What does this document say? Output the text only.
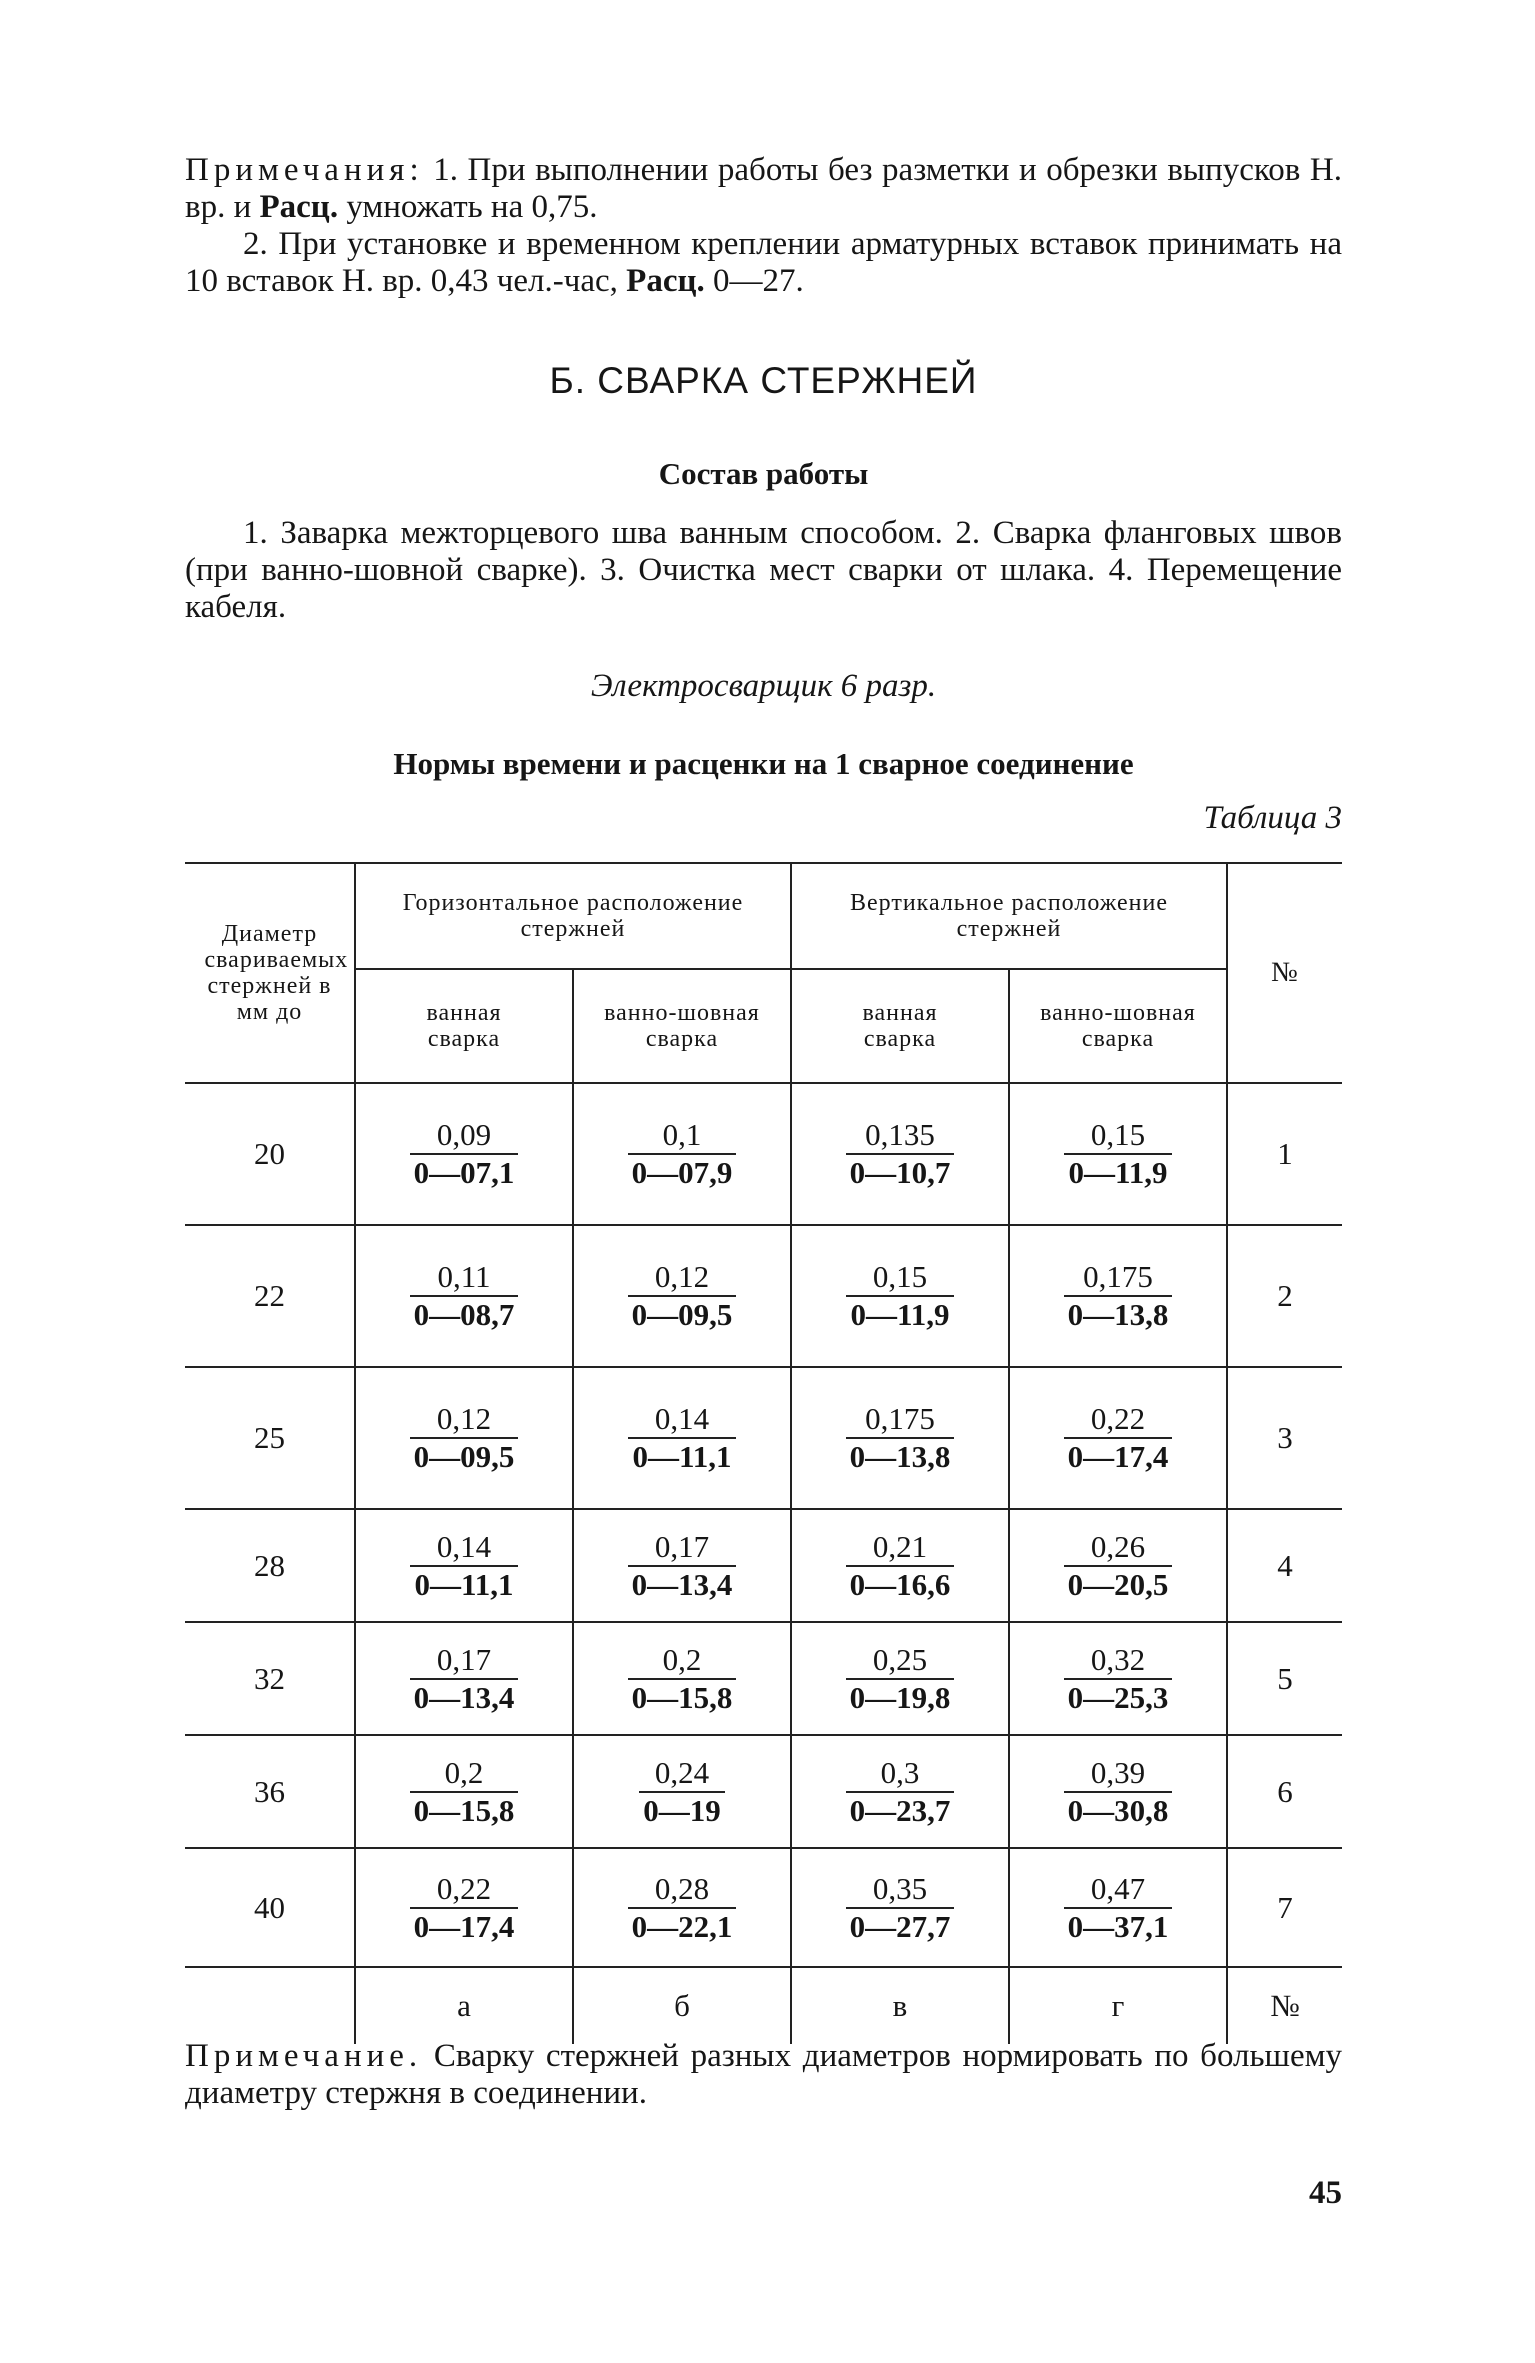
Примечания: 1. При выполнении работы без разметки и обрезки выпусков Н. вр. и Расц. умножать на 0,75.

2. При установке и временном креплении арматурных вставок принимать на 10 вставок Н. вр. 0,43 чел.-час, Расц. 0—27.

Б. СВАРКА СТЕРЖНЕЙ
Состав работы

1. Заварка межторцевого шва ванным способом. 2. Сварка фланговых швов (при ванно-шовной сварке). 3. Очистка мест сварки от шлака. 4. Перемещение кабеля.

Электросварщик 6 разр.
Нормы времени и расценки на 1 сварное соединение
Таблица 3
Диаметр свариваемых стержней в мм до	Горизонтальное расположение стержней		Вертикальное расположение стержней		№
	ванная сварка	ванно-шовная сварка	ванная сварка	ванно-шовная сварка	
20	$\frac{0,09}{0—07,1}$	$\frac{0,1}{0—07,9}$	$\frac{0,135}{0—10,7}$	$\frac{0,15}{0—11,9}$	1
22	$\frac{0,11}{0—08,7}$	$\frac{0,12}{0—09,5}$	$\frac{0,15}{0—11,9}$	$\frac{0,175}{0—13,8}$	2
25	$\frac{0,12}{0—09,5}$	$\frac{0,14}{0—11,1}$	$\frac{0,175}{0—13,8}$	$\frac{0,22}{0—17,4}$	3
28	$\frac{0,14}{0—11,1}$	$\frac{0,17}{0—13,4}$	$\frac{0,21}{0—16,6}$	$\frac{0,26}{0—20,5}$	4
32	$\frac{0,17}{0—13,4}$	$\frac{0,2}{0—15,8}$	$\frac{0,25}{0—19,8}$	$\frac{0,32}{0—25,3}$	5
36	$\frac{0,2}{0—15,8}$	$\frac{0,24}{0—19}$	$\frac{0,3}{0—23,7}$	$\frac{0,39}{0—30,8}$	6
40	$\frac{0,22}{0—17,4}$	$\frac{0,28}{0—22,1}$	$\frac{0,35}{0—27,7}$	$\frac{0,47}{0—37,1}$	7
	а	б	в	г	№
Примечание. Сварку стержней разных диаметров нормировать по большему диаметру стержня в соединении.
45
